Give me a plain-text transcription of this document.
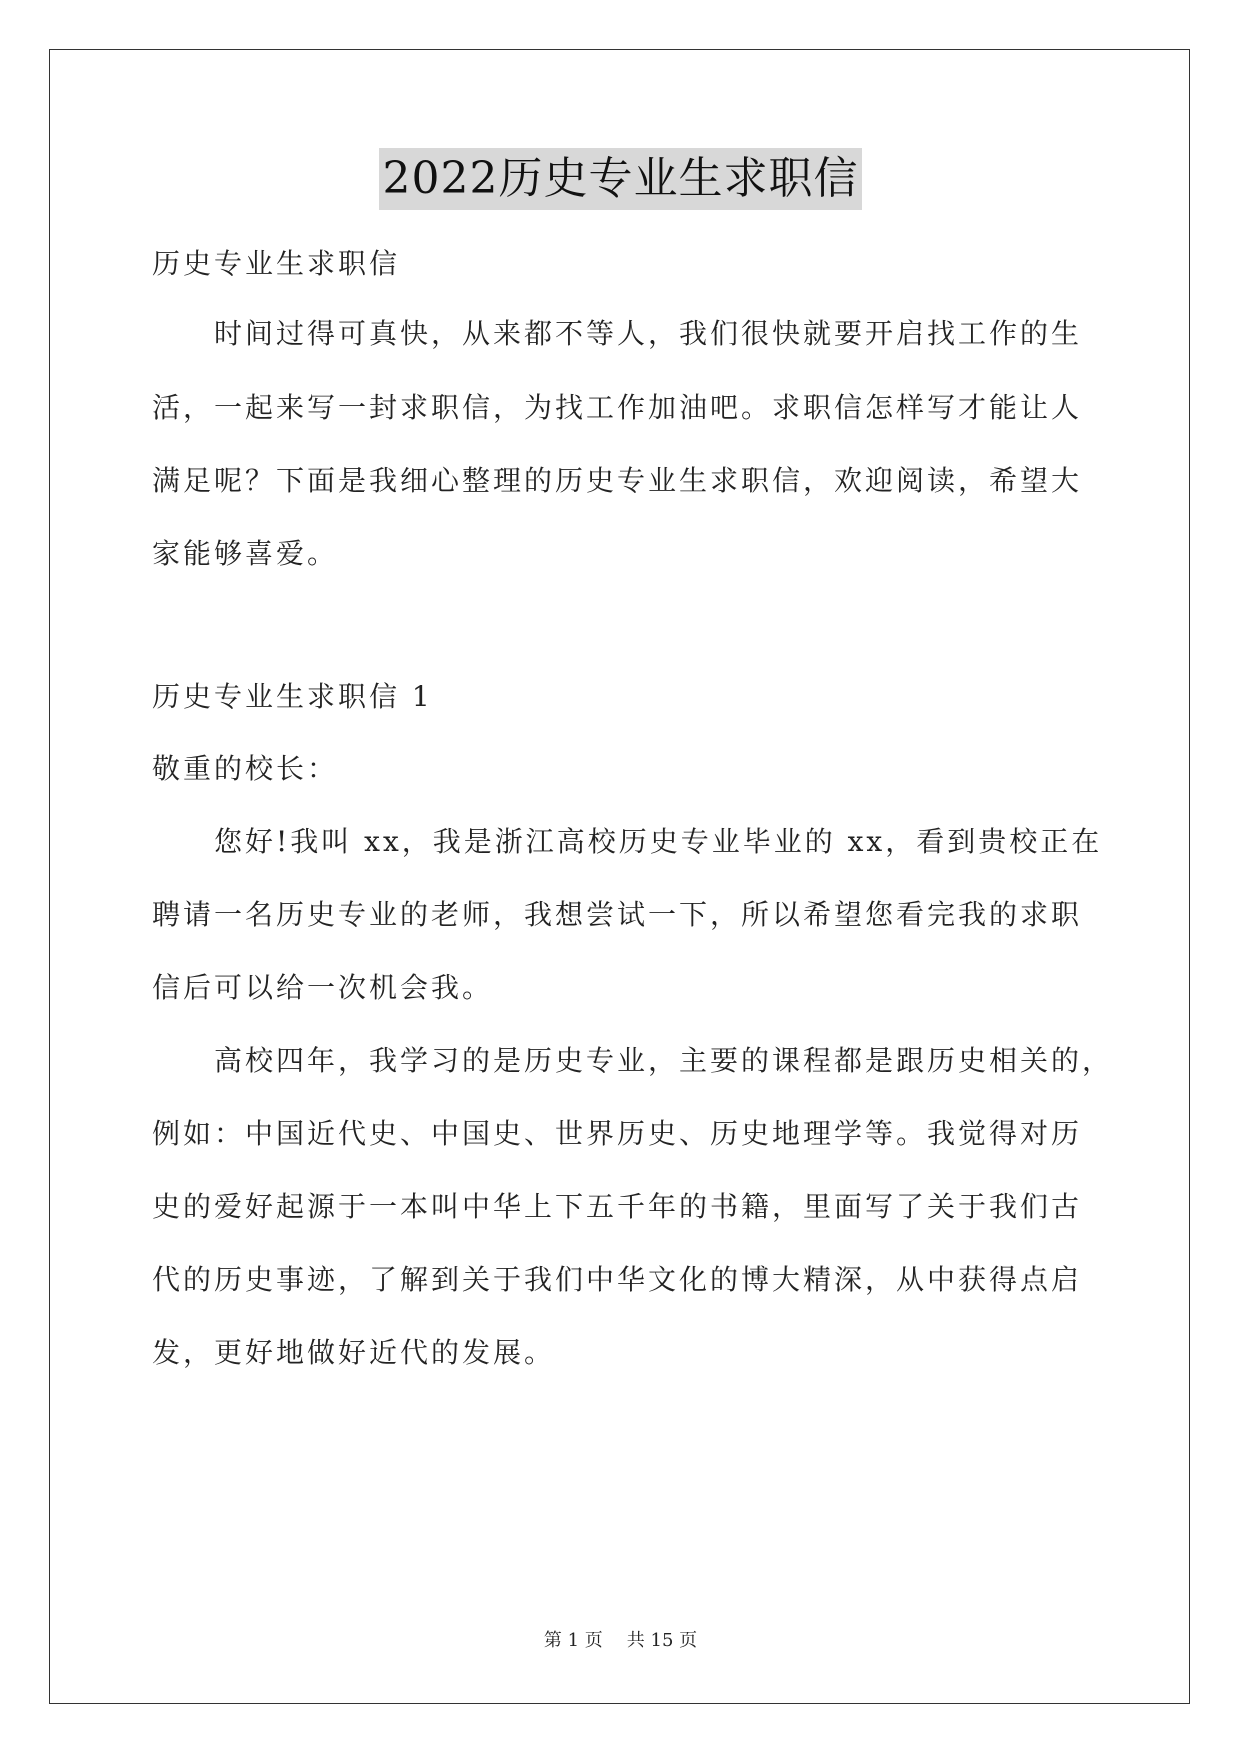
2022历史专业生求职信
历史专业生求职信
时间过得可真快，从来都不等人，我们很快就要开启找工作的生
活，一起来写一封求职信，为找工作加油吧。求职信怎样写才能让人
满足呢？下面是我细心整理的历史专业生求职信，欢迎阅读，希望大
家能够喜爱。
历史专业生求职信 1
敬重的校长：
您好!我叫 xx，我是浙江高校历史专业毕业的 xx，看到贵校正在
聘请一名历史专业的老师，我想尝试一下，所以希望您看完我的求职
信后可以给一次机会我。
高校四年，我学习的是历史专业，主要的课程都是跟历史相关的，
例如：中国近代史、中国史、世界历史、历史地理学等。我觉得对历
史的爱好起源于一本叫中华上下五千年的书籍，里面写了关于我们古
代的历史事迹，了解到关于我们中华文化的博大精深，从中获得点启
发，更好地做好近代的发展。
第 1 页 共 15 页
